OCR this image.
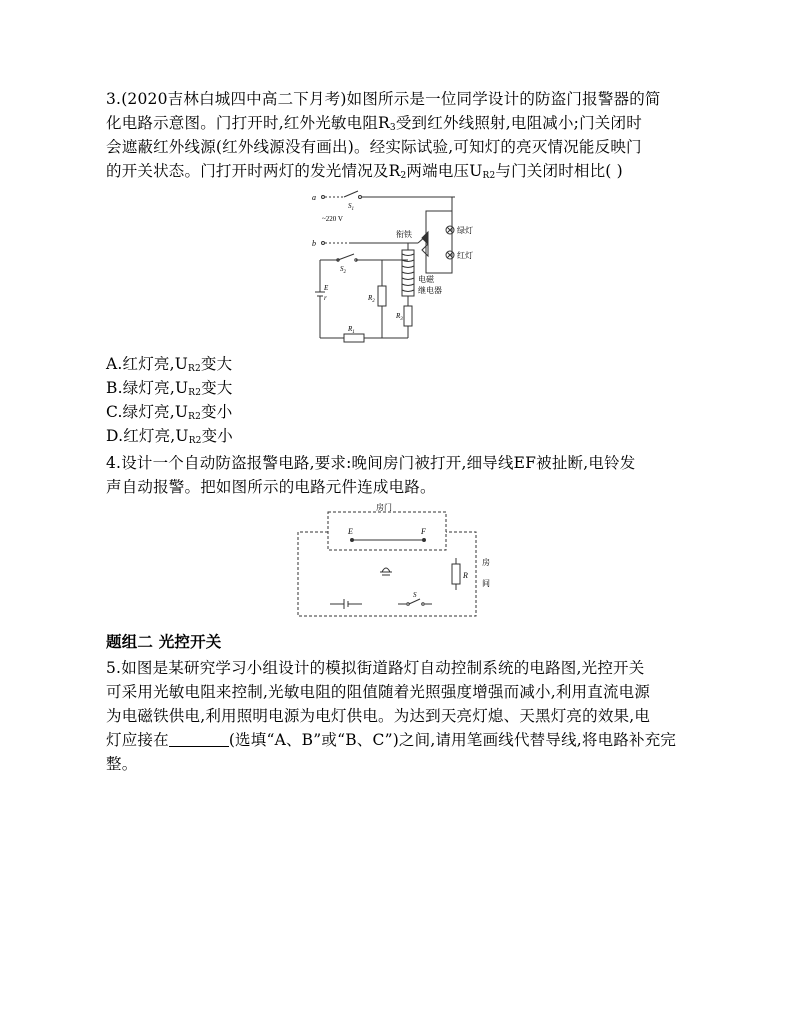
3.(2020吉林白城四中高二下月考)如图所示是一位同学设计的防盗门报警器的简
化电路示意图。门打开时,红外光敏电阻$R_3$受到红外线照射,电阻减小;门关闭时
会遮蔽红外线源(红外线源没有画出)。经实际试验,可知灯的亮灭情况能反映门
的开关状态。门打开时两灯的发光情况及$R_2$两端电压$U_{R2}$与门关闭时相比( )
a
$S_1$
~220 V
绿灯
红灯
b
衔铁
电磁
继电器
$R_3$
$S_2$
E
r	$R_2$
$R_1$
A.红灯亮$,U_{R2}$变大
B.绿灯亮$,U_{R2}$变大
C.绿灯亮$,U_{R2}$变小
D.红灯亮$,U_{R2}$变小
4.设计一个自动防盗报警电路,要求:晚间房门被打开,细导线EF被扯断,电铃发
声自动报警。把如图所示的电路元件连成电路。
房门
E	F
R
房
间
S
题组二 光控开关
5.如图是某研究学习小组设计的模拟街道路灯自动控制系统的电路图,光控开关
可采用光敏电阻来控制,光敏电阻的阻值随着光照强度增强而减小,利用直流电源
为电磁铁供电,利用照明电源为电灯供电。为达到天亮灯熄、天黑灯亮的效果,电
灯应接在	(选填“A、B”或“B、C”)之间,请用笔画线代替导线,将电路补充完
整。
